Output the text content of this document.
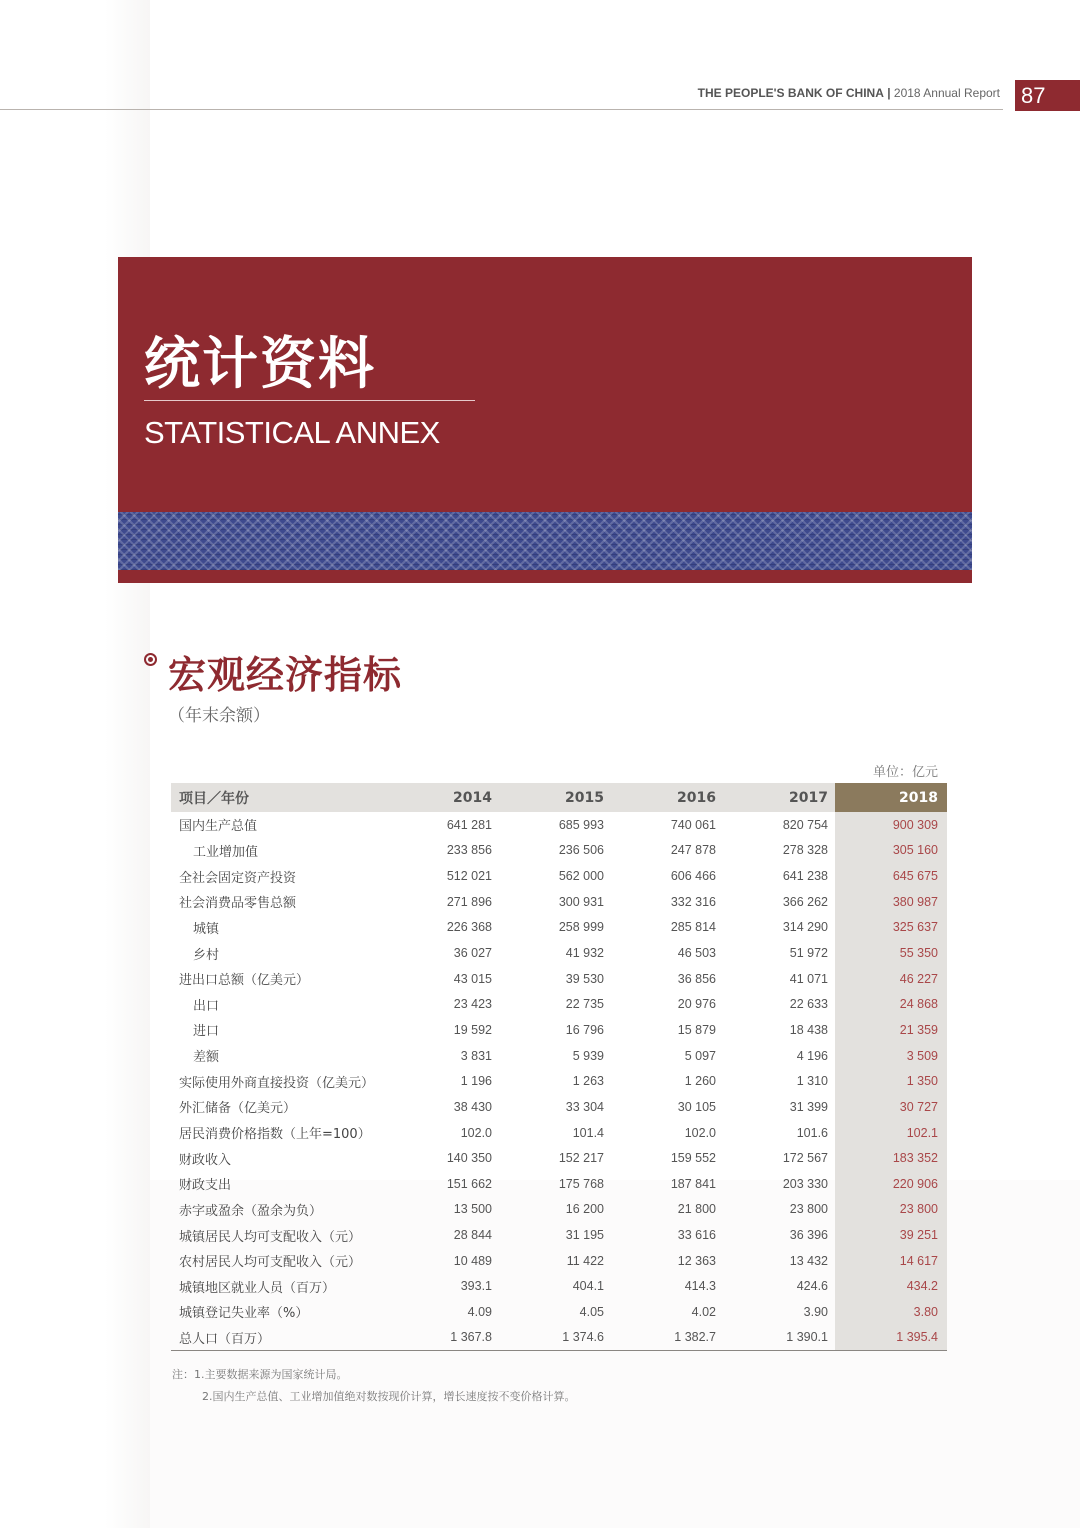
THE PEOPLE'S BANK OF CHINA | 2018 Annual Report 87
统计资料
STATISTICAL ANNEX
宏观经济指标
（年末余额）
单位：亿元
项目／年份	2014	2015	2016	2017	2018
国内生产总值	641 281	685 993	740 061	820 754	900 309
工业增加值	233 856	236 506	247 878	278 328	305 160
全社会固定资产投资	512 021	562 000	606 466	641 238	645 675
社会消费品零售总额	271 896	300 931	332 316	366 262	380 987
城镇	226 368	258 999	285 814	314 290	325 637
乡村	36 027	41 932	46 503	51 972	55 350
进出口总额（亿美元）	43 015	39 530	36 856	41 071	46 227
出口	23 423	22 735	20 976	22 633	24 868
进口	19 592	16 796	15 879	18 438	21 359
差额	3 831	5 939	5 097	4 196	3 509
实际使用外商直接投资（亿美元）	1 196	1 263	1 260	1 310	1 350
外汇储备（亿美元）	38 430	33 304	30 105	31 399	30 727
居民消费价格指数（上年=100）	102.0	101.4	102.0	101.6	102.1
财政收入	140 350	152 217	159 552	172 567	183 352
财政支出	151 662	175 768	187 841	203 330	220 906
赤字或盈余（盈余为负）	13 500	16 200	21 800	23 800	23 800
城镇居民人均可支配收入（元）	28 844	31 195	33 616	36 396	39 251
农村居民人均可支配收入（元）	10 489	11 422	12 363	13 432	14 617
城镇地区就业人员（百万）	393.1	404.1	414.3	424.6	434.2
城镇登记失业率（%）	4.09	4.05	4.02	3.90	3.80
总人口（百万）	1 367.8	1 374.6	1 382.7	1 390.1	1 395.4
注：1.主要数据来源为国家统计局。
2.国内生产总值、工业增加值绝对数按现价计算，增长速度按不变价格计算。
